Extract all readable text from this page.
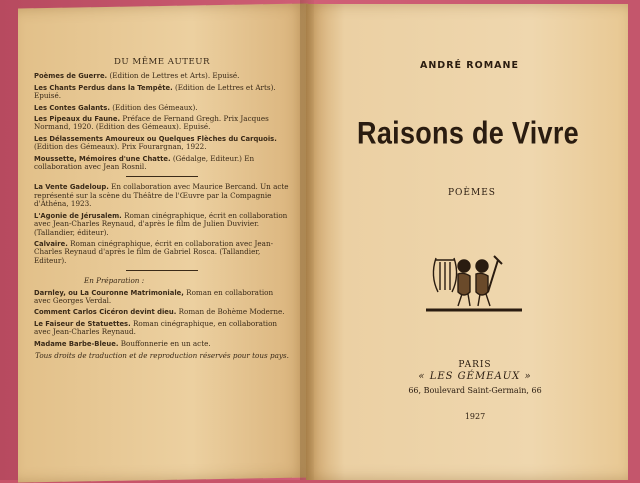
DU MÊME AUTEUR

Poèmes de Guerre. (Edition de Lettres et Arts). Epuisé.

Les Chants Perdus dans la Tempête. (Edition de Lettres et Arts). Epuisé.

Les Contes Galants. (Edition des Gémeaux).

Les Pipeaux du Faune. Préface de Fernand Gregh. Prix Jacques Normand, 1920. (Edition des Gémeaux). Epuisé.

Les Délassements Amoureux ou Quelques Flèches du Carquois. (Edition des Gémeaux). Prix Fourargnan, 1922.

Moussette, Mémoires d'une Chatte. (Gédalge, Editeur.) En collaboration avec Jean Rosnil.

La Vente Gadeloup. En collaboration avec Maurice Bercand. Un acte représenté sur la scène du Théâtre de l'Œuvre par la Compagnie d'Athéna, 1923.

L'Agonie de Jérusalem. Roman cinégraphique, écrit en collaboration avec Jean-Charles Reynaud, d'après le film de Julien Duvivier. (Tallandier, éditeur).

Calvaire. Roman cinégraphique, écrit en collaboration avec Jean-Charles Reynaud d'après le film de Gabriel Rosca. (Tallandier, Editeur).

En Préparation :

Darnley, ou La Couronne Matrimoniale, Roman en collaboration avec Georges Verdal.

Comment Carlos Cicéron devint dieu. Roman de Bohème Moderne.

Le Faiseur de Statuettes. Roman cinégraphique, en collaboration avec Jean-Charles Reynaud.

Madame Barbe-Bleue. Bouffonnerie en un acte.

Tous droits de traduction et de reproduction réservés pour tous pays.
ANDRÉ ROMANE
Raisons de Vivre
POÈMES
PARIS
« LES GÉMEAUX »
66, Boulevard Saint-Germain, 66
1927
